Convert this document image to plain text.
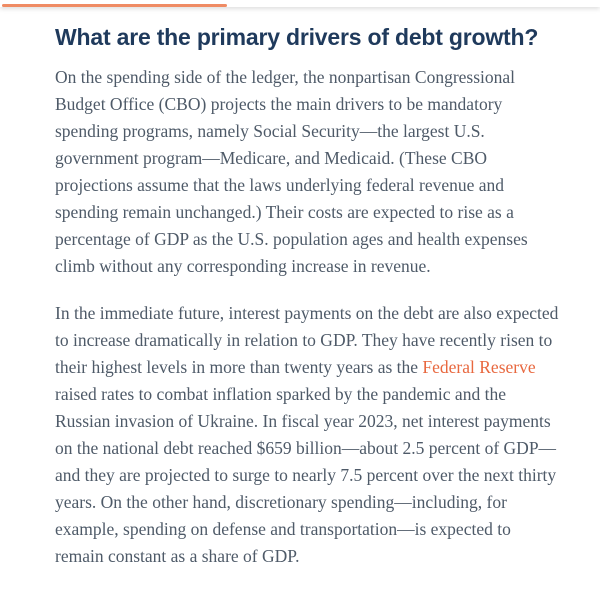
What are the primary drivers of debt growth?

On the spending side of the ledger, the nonpartisan Congressional Budget Office (CBO) projects the main drivers to be mandatory spending programs, namely Social Security—the largest U.S. government program—Medicare, and Medicaid. (These CBO projections assume that the laws underlying federal revenue and spending remain unchanged.) Their costs are expected to rise as a percentage of GDP as the U.S. population ages and health expenses climb without any corresponding increase in revenue.

In the immediate future, interest payments on the debt are also expected to increase dramatically in relation to GDP. They have recently risen to their highest levels in more than twenty years as the Federal Reserve raised rates to combat inflation sparked by the pandemic and the Russian invasion of Ukraine. In fiscal year 2023, net interest payments on the national debt reached $659 billion—about 2.5 percent of GDP—and they are projected to surge to nearly 7.5 percent over the next thirty years. On the other hand, discretionary spending—including, for example, spending on defense and transportation—is expected to remain constant as a share of GDP.
